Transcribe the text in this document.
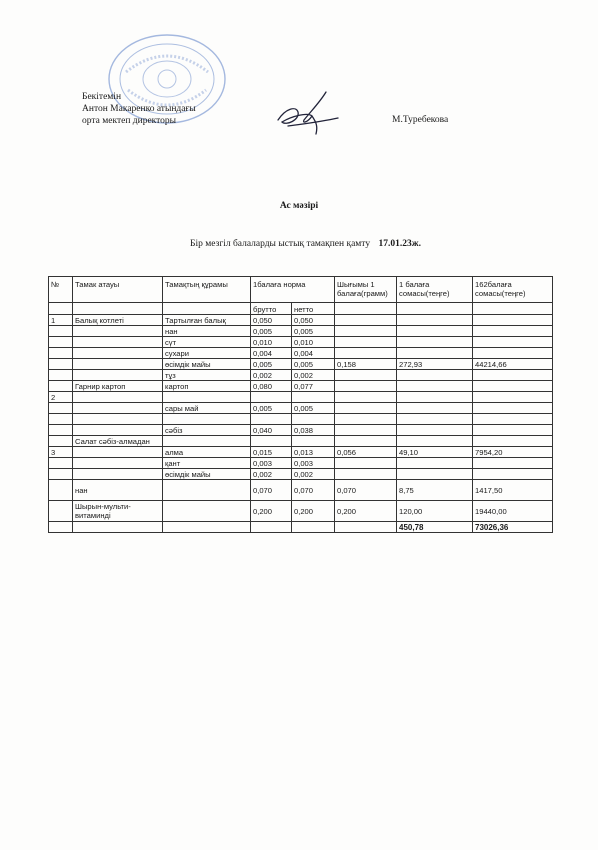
Бекітемін
Антон Макаренко атындағы
орта мектеп директоры	М.Туребекова
Ас мәзірі
Бір мезгіл балаларды ыстық тамақпен қамту 17.01.23ж.
№	Тамак атауы	Тамақтың құрамы	1балаға норма		Шығымы 1 балаға(грамм)	1 балаға сомасы(теңге)	162балаға сомасы(теңге)
			брутто	нетто			
1	Балық котлеті	Тартылған балық	0,050	0,050			
		нан	0,005	0,005			
		сүт	0,010	0,010			
		сухари	0,004	0,004			
		өсімдік майы	0,005	0,005	0,158	272,93	44214,66
		тұз	0,002	0,002			
	Гарнир картоп	картоп	0,080	0,077			
2							
		сары май	0,005	0,005			

		сәбіз	0,040	0,038			
	Салат сәбіз-алмадан						
3		алма	0,015	0,013	0,056	49,10	7954,20
		қант	0,003	0,003			
		өсімдік майы	0,002	0,002			
	нан		0,070	0,070	0,070	8,75	1417,50
	Шырын-мульти-витаминді		0,200	0,200	0,200	120,00	19440,00
						450,78	73026,36
